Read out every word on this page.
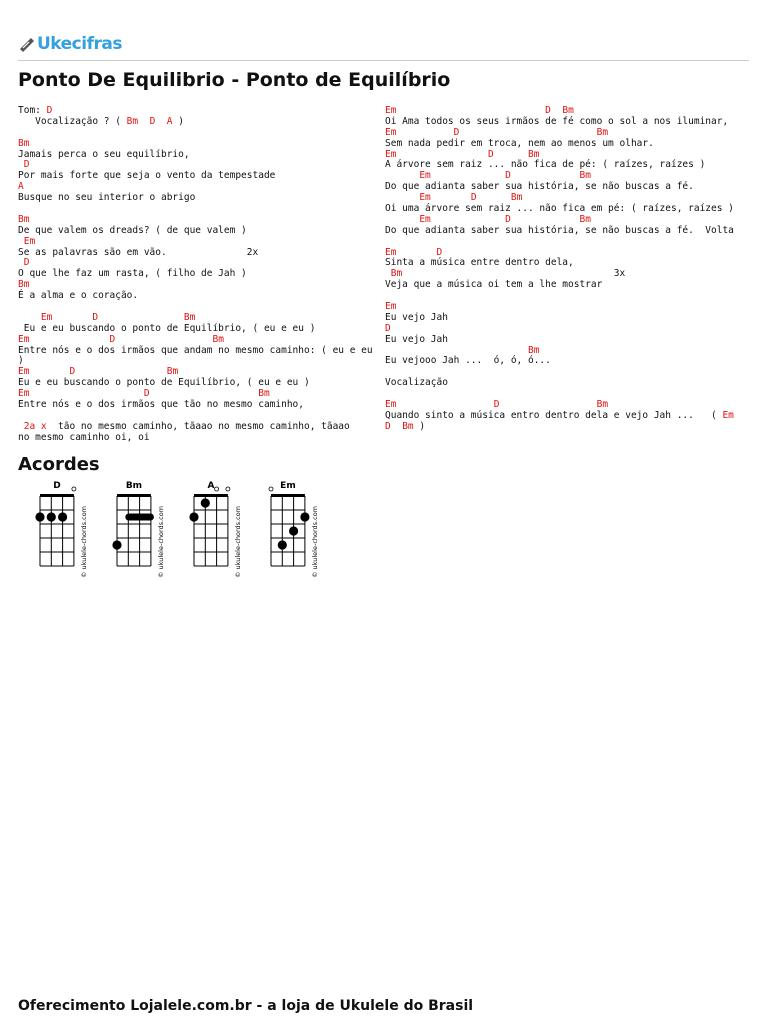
Ukecifras
Ponto De Equilibrio - Ponto de Equilíbrio
Tom: D
Vocalização ? ( Bm D A )

Bm
Jamais perca o seu equilíbrio,
D
Por mais forte que seja o vento da tempestade
A
Busque no seu interior o abrigo

Bm
De que valem os dreads? ( de que valem )
Em
Se as palavras são em vão.              2x
D
O que lhe faz um rasta, ( filho de Jah )
Bm
É a alma e o coração.

Em	D	Bm
Eu e eu buscando o ponto de Equilíbrio, ( eu e eu )
Em	D	Bm
Entre nós e o dos irmãos que andam no mesmo caminho: ( eu e eu
)
Em	D	Bm
Eu e eu buscando o ponto de Equilíbrio, ( eu e eu )
Em	D	Bm
Entre nós e o dos irmãos que tão no mesmo caminho,

2a x  tão no mesmo caminho, tãaao no mesmo caminho, tãaao
no mesmo caminho oi, oi
Em	D Bm
Oi Ama todos os seus irmãos de fé como o sol a nos iluminar,
Em	D	Bm
Sem nada pedir em troca, nem ao menos um olhar.
Em	D	Bm
A árvore sem raiz ... não fica de pé: ( raízes, raízes )
Em	D	Bm
Do que adianta saber sua história, se não buscas a fé.
Em	D	Bm
Oi uma árvore sem raiz ... não fica em pé: ( raízes, raízes )
Em	D	Bm
Do que adianta saber sua história, se não buscas a fé.  Volta

Em	D
Sinta a música entre dentro dela,
Bm                                     3x
Veja que a música oi tem a lhe mostrar

Em
Eu vejo Jah
D
Eu vejo Jah
Bm
Eu vejooo Jah ...  ó, ó, ó...

Vocalização

Em	D	Bm
Quando sinto a música entro dentro dela e vejo Jah ...   ( Em
D Bm )
Acordes
D
© ukulele-chords.com
Bm
© ukulele-chords.com
A
© ukulele-chords.com
Em
© ukulele-chords.com
Oferecimento Lojalele.com.br - a loja de Ukulele do Brasil
